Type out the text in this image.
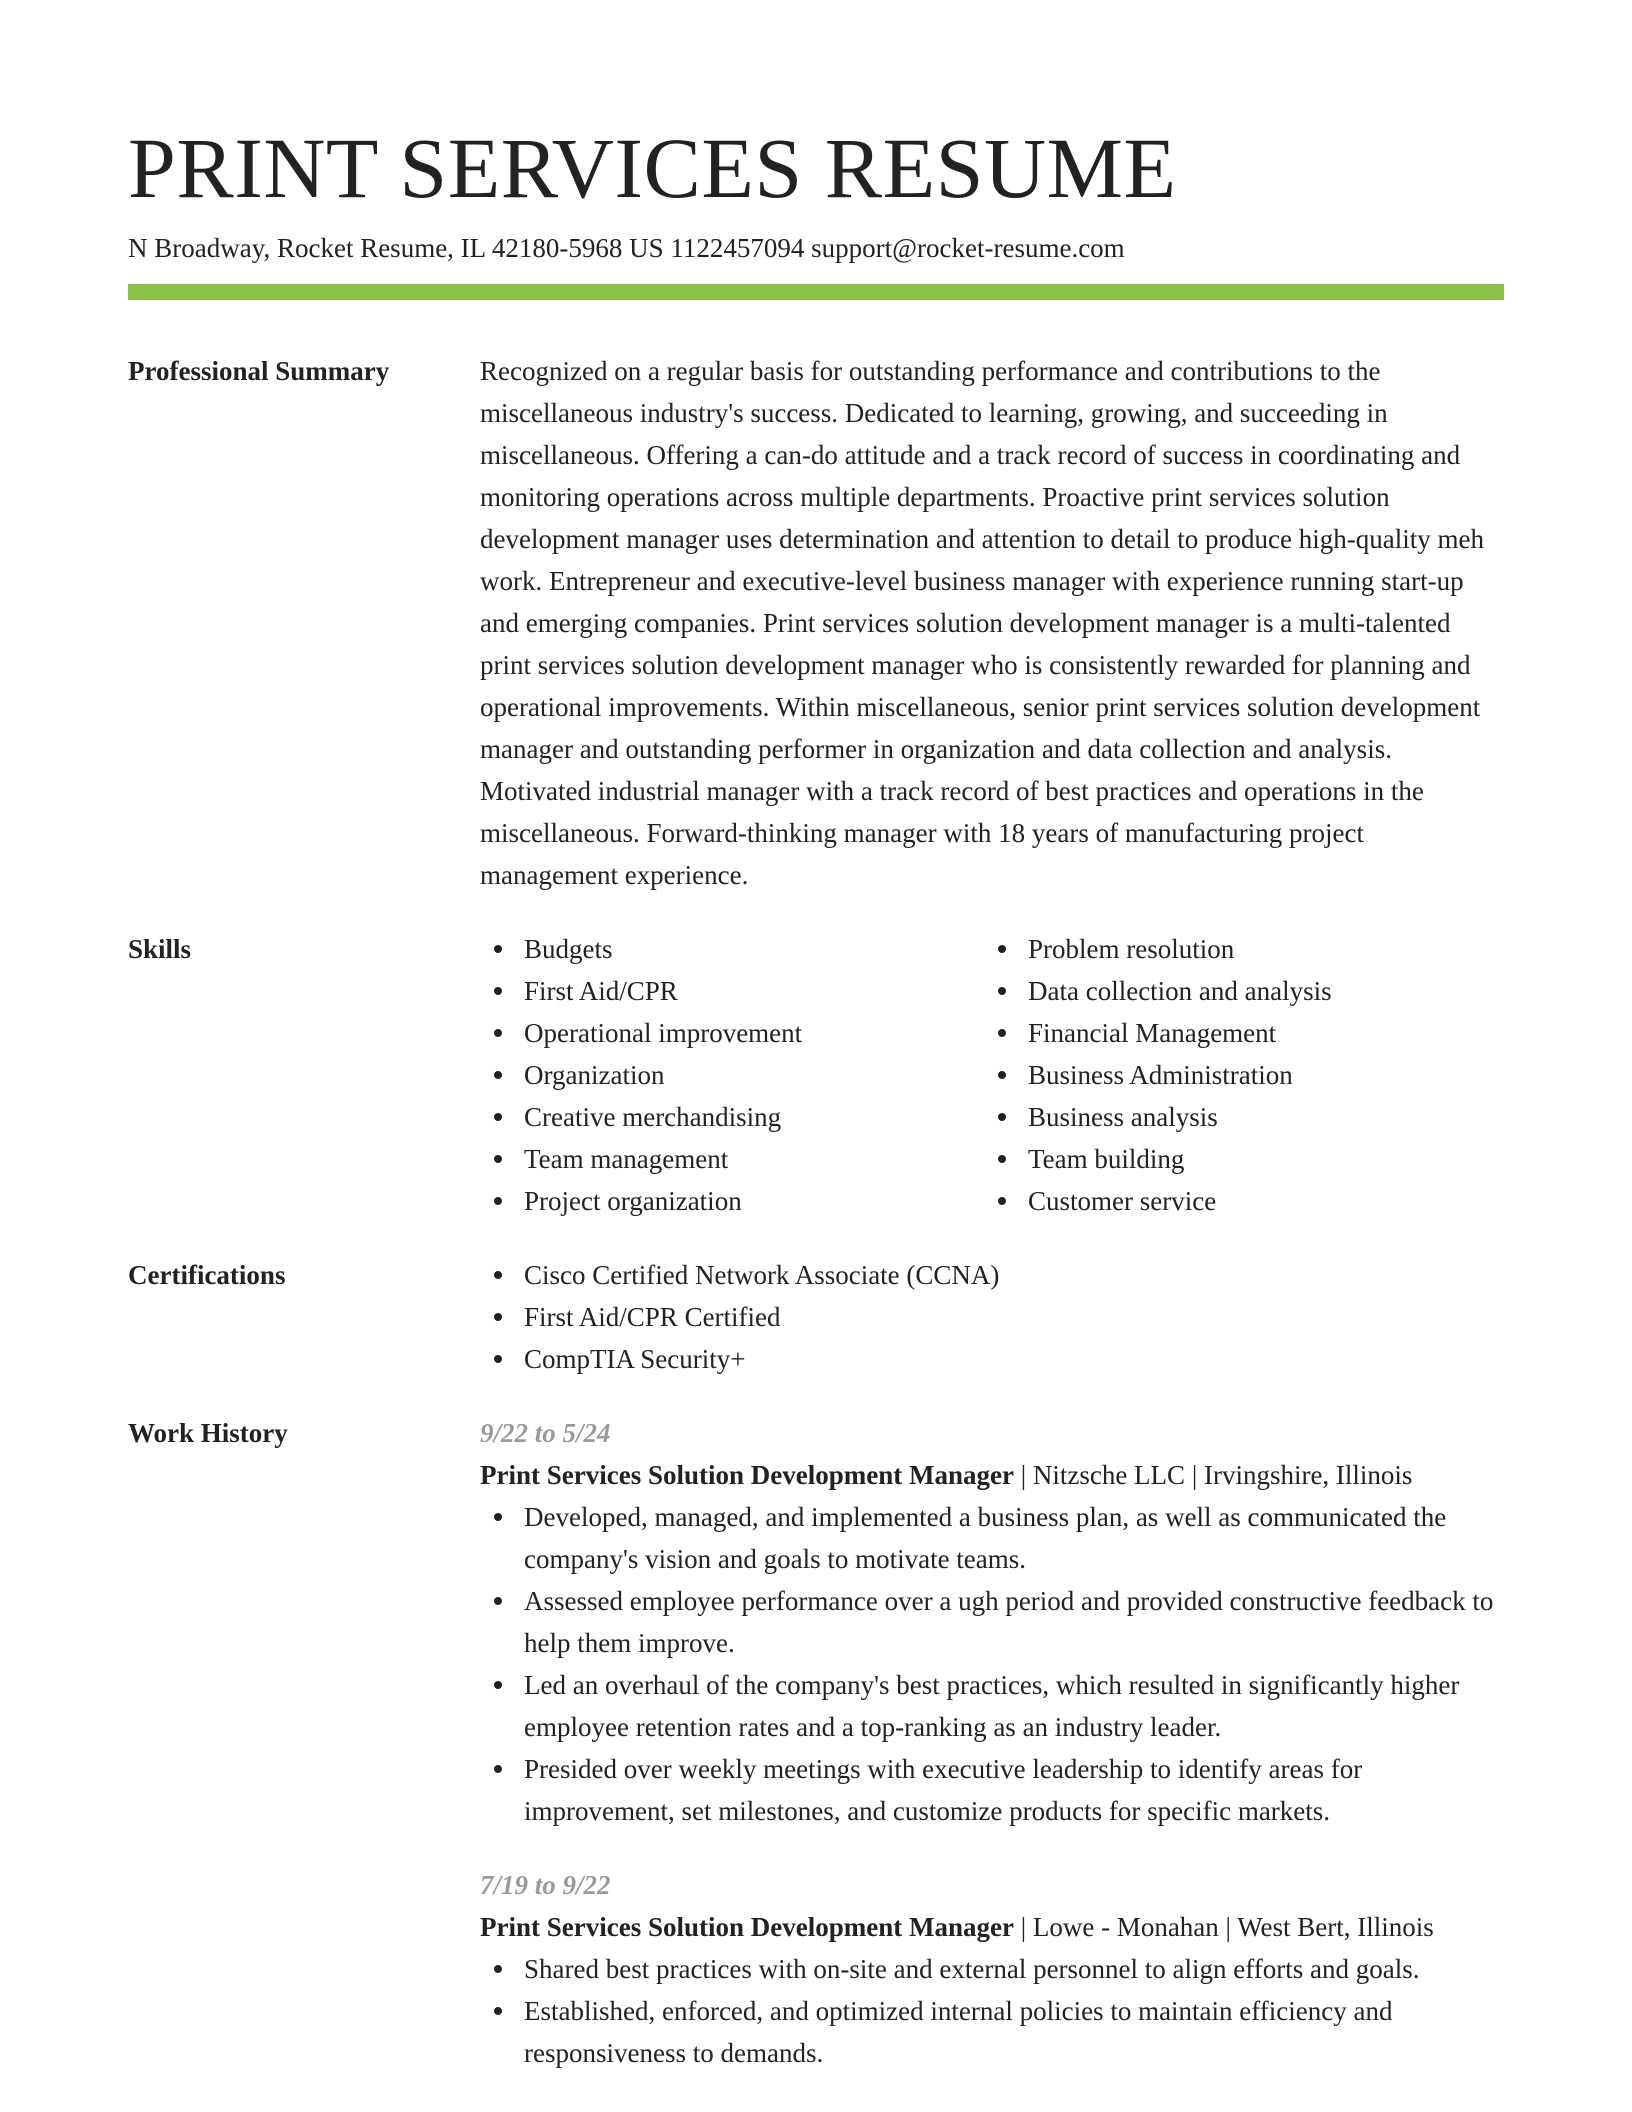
PRINT SERVICES RESUME
N Broadway, Rocket Resume, IL 42180-5968 US 1122457094 support@rocket-resume.com
Professional Summary	Recognized on a regular basis for outstanding performance and contributions to the miscellaneous industry's success. Dedicated to learning, growing, and succeeding in miscellaneous. Offering a can-do attitude and a track record of success in coordinating and monitoring operations across multiple departments. Proactive print services solution development manager uses determination and attention to detail to produce high-quality meh work. Entrepreneur and executive-level business manager with experience running start-up and emerging companies. Print services solution development manager is a multi-talented print services solution development manager who is consistently rewarded for planning and operational improvements. Within miscellaneous, senior print services solution development manager and outstanding performer in organization and data collection and analysis. Motivated industrial manager with a track record of best practices and operations in the miscellaneous. Forward-thinking manager with 18 years of manufacturing project management experience.
Skills	Budgets
First Aid/CPR
Operational improvement
Organization
Creative merchandising
Team management
Project organization
Problem resolution
Data collection and analysis
Financial Management
Business Administration
Business analysis
Team building
Customer service
Certifications	Cisco Certified Network Associate (CCNA)
First Aid/CPR Certified
CompTIA Security+
Work History	9/22 to 5/24
Print Services Solution Development Manager | Nitzsche LLC | Irvingshire, Illinois
Developed, managed, and implemented a business plan, as well as communicated the company's vision and goals to motivate teams.
Assessed employee performance over a ugh period and provided constructive feedback to help them improve.
Led an overhaul of the company's best practices, which resulted in significantly higher employee retention rates and a top-ranking as an industry leader.
Presided over weekly meetings with executive leadership to identify areas for improvement, set milestones, and customize products for specific markets.
7/19 to 9/22
Print Services Solution Development Manager | Lowe - Monahan | West Bert, Illinois
Shared best practices with on-site and external personnel to align efforts and goals.
Established, enforced, and optimized internal policies to maintain efficiency and responsiveness to demands.
